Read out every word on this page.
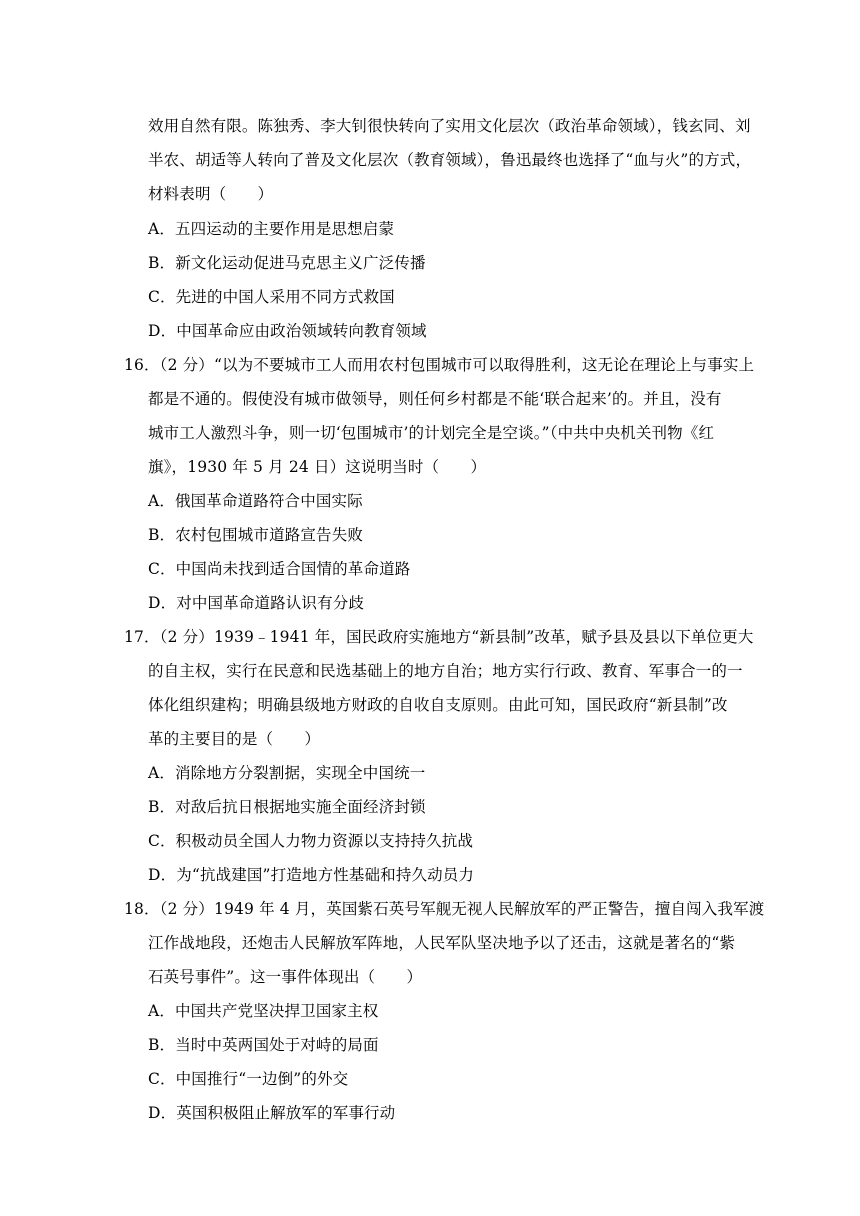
效用自然有限。陈独秀、李大钊很快转向了实用文化层次（政治革命领域），钱玄同、刘
半农、胡适等人转向了普及文化层次（教育领域），鲁迅最终也选择了“血与火”的方式，
材料表明（　　）
A．五四运动的主要作用是思想启蒙
B．新文化运动促进马克思主义广泛传播
C．先进的中国人采用不同方式救国
D．中国革命应由政治领域转向教育领域
16．（2 分）“以为不要城市工人而用农村包围城市可以取得胜利，这无论在理论上与事实上
都是不通的。假使没有城市做领导，则任何乡村都是不能‘联合起来’的。并且，没有
城市工人激烈斗争，则一切‘包围城市’的计划完全是空谈。”（中共中央机关刊物《红
旗》，1930 年 5 月 24 日）这说明当时（　　）
A．俄国革命道路符合中国实际
B．农村包围城市道路宣告失败
C．中国尚未找到适合国情的革命道路
D．对中国革命道路认识有分歧
17．（2 分）1939﹣1941 年，国民政府实施地方“新县制”改革，赋予县及县以下单位更大
的自主权，实行在民意和民选基础上的地方自治；地方实行行政、教育、军事合一的一
体化组织建构；明确县级地方财政的自收自支原则。由此可知，国民政府“新县制”改
革的主要目的是（　　）
A．消除地方分裂割据，实现全中国统一
B．对敌后抗日根据地实施全面经济封锁
C．积极动员全国人力物力资源以支持持久抗战
D．为“抗战建国”打造地方性基础和持久动员力
18．（2 分）1949 年 4 月，英国紫石英号军舰无视人民解放军的严正警告，擅自闯入我军渡
江作战地段，还炮击人民解放军阵地，人民军队坚决地予以了还击，这就是著名的“紫
石英号事件”。这一事件体现出（　　）
A．中国共产党坚决捍卫国家主权
B．当时中英两国处于对峙的局面
C．中国推行“一边倒”的外交
D．英国积极阻止解放军的军事行动
